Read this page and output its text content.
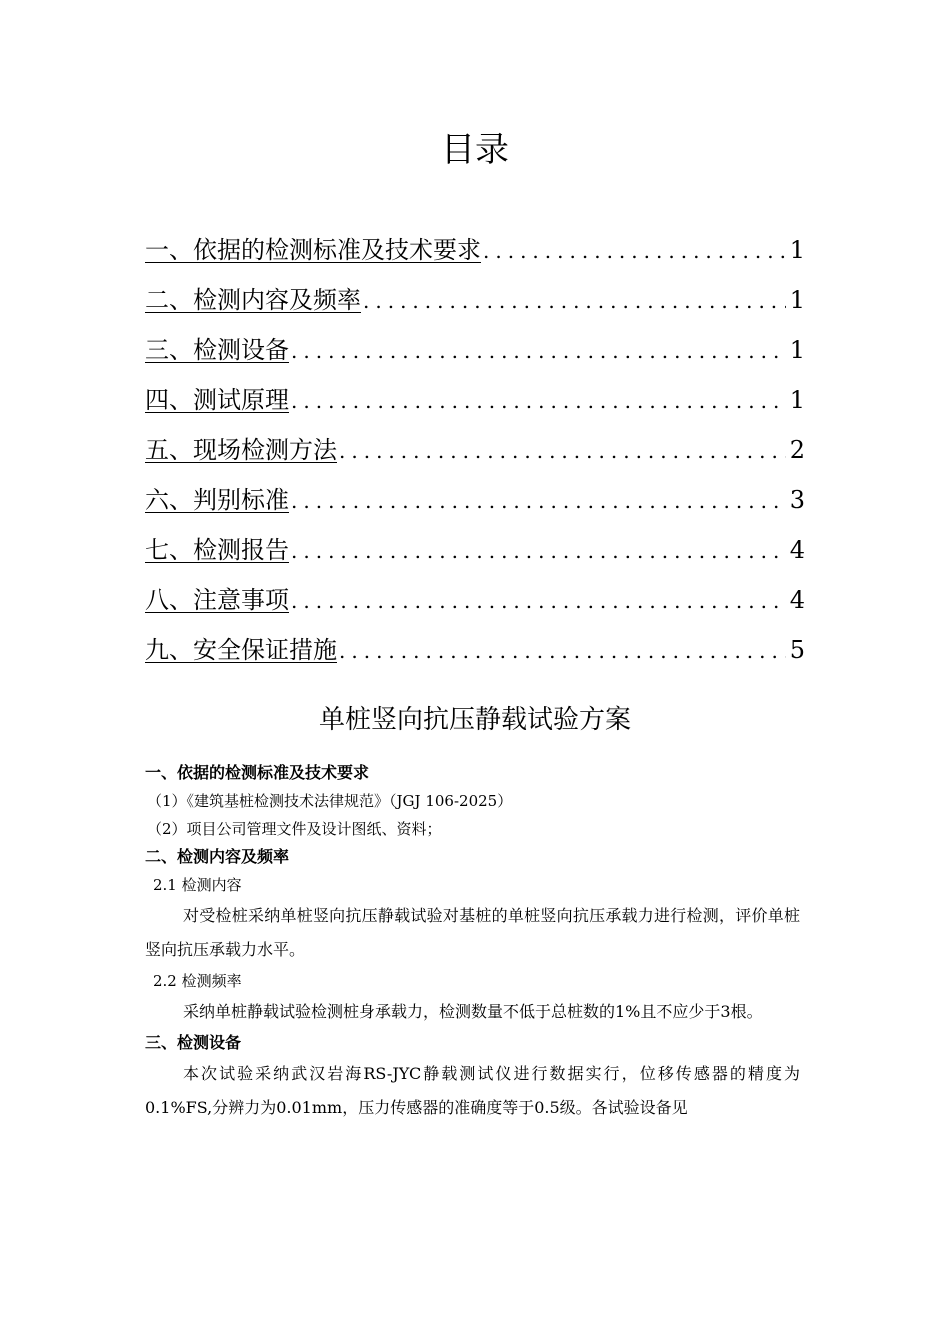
目录
一、依据的检测标准及技术要求 .....	1
二、检测内容及频率 .....	1
三、检测设备 .....	1
四、测试原理 .....	1
五、现场检测方法 .....	2
六、判别标准 .....	3
七、检测报告 .....	4
八、注意事项 .....	4
九、安全保证措施 .....	5
单桩竖向抗压静载试验方案
一、依据的检测标准及技术要求
（1）《建筑基桩检测技术法律规范》（JGJ 106-2025）
（2）项目公司管理文件及设计图纸、资料；
二、检测内容及频率
2.1 检测内容
对受检桩采纳单桩竖向抗压静载试验对基桩的单桩竖向抗压承载力进行检测，评价单桩竖向抗压承载力水平。
2.2 检测频率
采纳单桩静载试验检测桩身承载力，检测数量不低于总桩数的1%且不应少于3根。
三、检测设备
本次试验采纳武汉岩海RS-JYC静载测试仪进行数据实行，位移传感器的精度为0.1%FS,分辨力为0.01mm，压力传感器的准确度等于0.5级。各试验设备见
